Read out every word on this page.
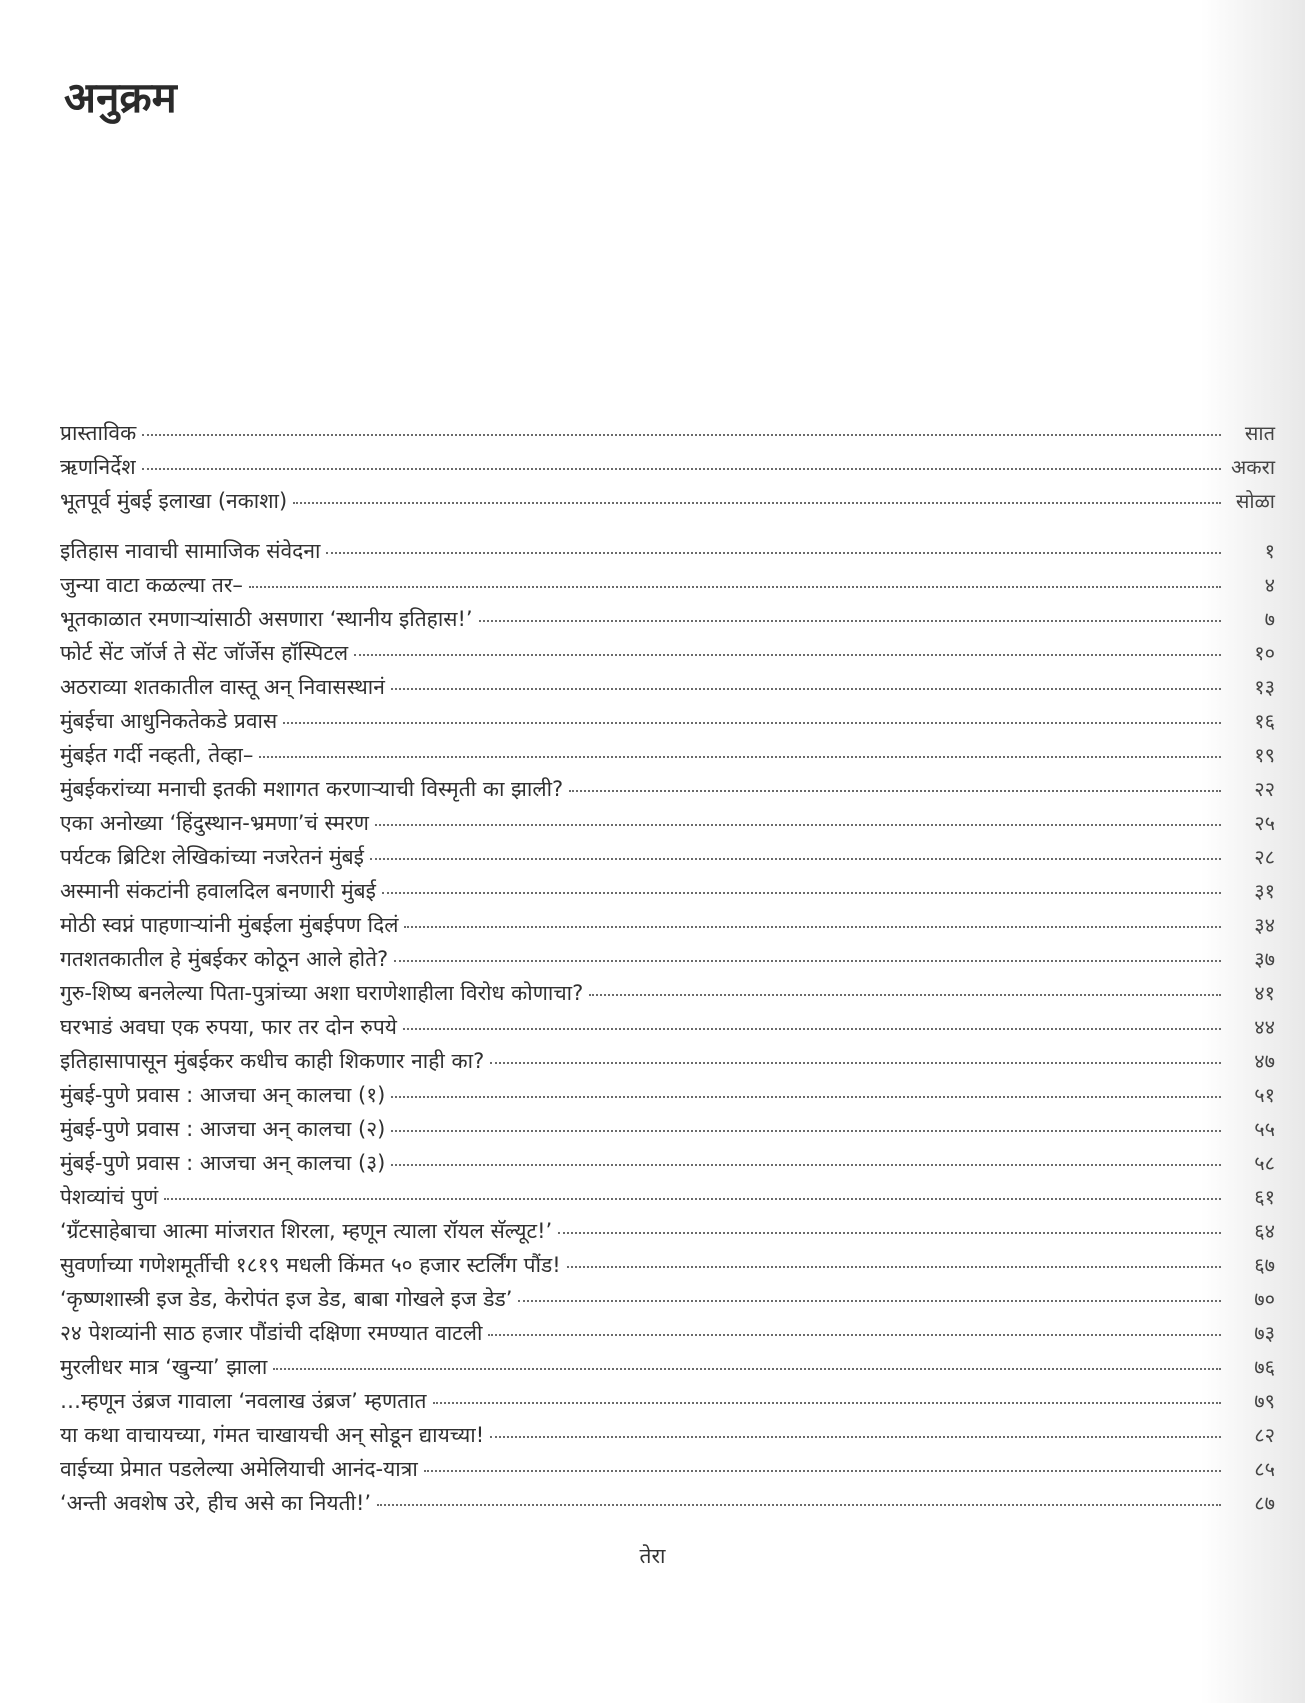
अनुक्रम
प्रास्ताविक	सात
ऋणनिर्देश	अकरा
भूतपूर्व मुंबई इलाखा (नकाशा)	सोळा
इतिहास नावाची सामाजिक संवेदना	१
जुन्या वाटा कळल्या तर–	४
भूतकाळात रमणाऱ्यांसाठी असणारा ‘स्थानीय इतिहास!’	७
फोर्ट सेंट जॉर्ज ते सेंट जॉर्जेस हॉस्पिटल	१०
अठराव्या शतकातील वास्तू अन् निवासस्थानं	१३
मुंबईचा आधुनिकतेकडे प्रवास	१६
मुंबईत गर्दी नव्हती, तेव्हा–	१९
मुंबईकरांच्या मनाची इतकी मशागत करणाऱ्याची विस्मृती का झाली?	२२
एका अनोख्या ‘हिंदुस्थान-भ्रमणा’चं स्मरण	२५
पर्यटक ब्रिटिश लेखिकांच्या नजरेतनं मुंबई	२८
अस्मानी संकटांनी हवालदिल बनणारी मुंबई	३१
मोठी स्वप्नं पाहणाऱ्यांनी मुंबईला मुंबईपण दिलं	३४
गतशतकातील हे मुंबईकर कोठून आले होते?	३७
गुरु-शिष्य बनलेल्या पिता-पुत्रांच्या अशा घराणेशाहीला विरोध कोणाचा?	४१
घरभाडं अवघा एक रुपया, फार तर दोन रुपये	४४
इतिहासापासून मुंबईकर कधीच काही शिकणार नाही का?	४७
मुंबई-पुणे प्रवास : आजचा अन् कालचा (१)	५१
मुंबई-पुणे प्रवास : आजचा अन् कालचा (२)	५५
मुंबई-पुणे प्रवास : आजचा अन् कालचा (३)	५८
पेशव्यांचं पुणं	६१
‘ग्रँटसाहेबाचा आत्मा मांजरात शिरला, म्हणून त्याला रॉयल सॅल्यूट!’	६४
सुवर्णाच्या गणेशमूर्तीची १८१९ मधली किंमत ५० हजार स्टर्लिंग पौंड!	६७
‘कृष्णशास्त्री इज डेड, केरोपंत इज डेड, बाबा गोखले इज डेड’	७०
२४ पेशव्यांनी साठ हजार पौंडांची दक्षिणा रमण्यात वाटली	७३
मुरलीधर मात्र ‘खुन्या’ झाला	७६
…म्हणून उंब्रज गावाला ‘नवलाख उंब्रज’ म्हणतात	७९
या कथा वाचायच्या, गंमत चाखायची अन् सोडून द्यायच्या!	८२
वाईच्या प्रेमात पडलेल्या अमेलियाची आनंद-यात्रा	८५
‘अन्ती अवशेष उरे, हीच असे का नियती!’	८७
तेरा
